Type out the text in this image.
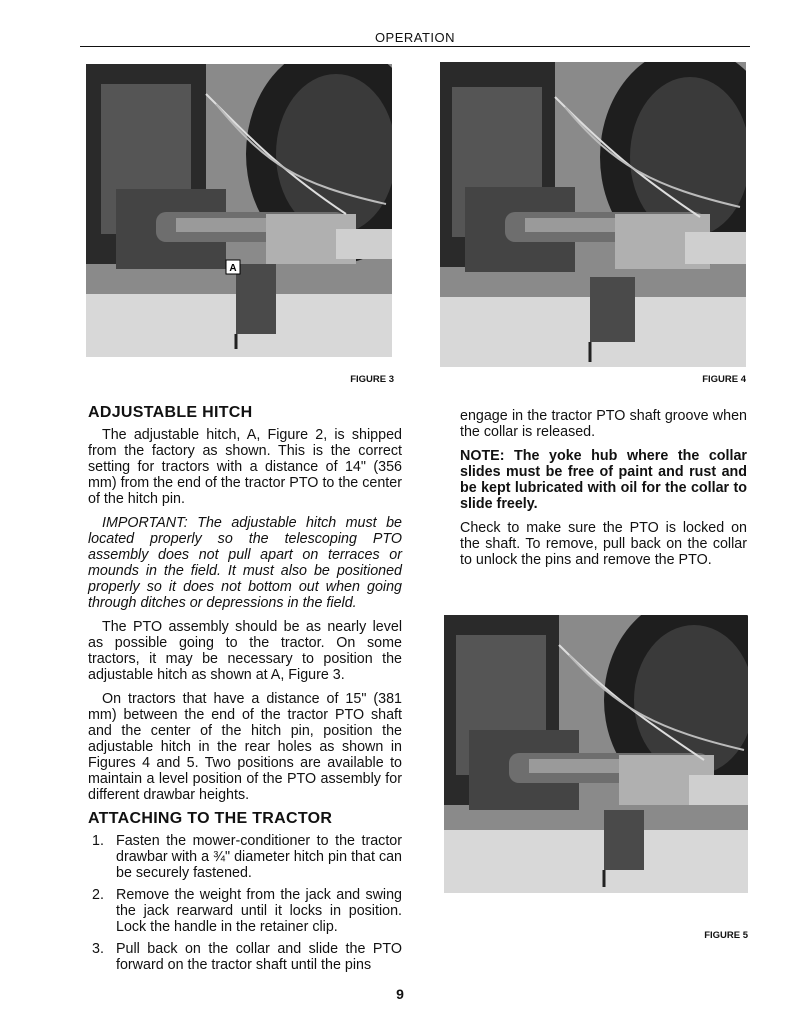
OPERATION
A
FIGURE 3	FIGURE 4
FIGURE 5
ADJUSTABLE HITCH

The adjustable hitch, A, Figure 2, is shipped from the factory as shown. This is the correct setting for tractors with a distance of 14" (356 mm) from the end of the tractor PTO to the center of the hitch pin.

IMPORTANT: The adjustable hitch must be located properly so the telescoping PTO assembly does not pull apart on terraces or mounds in the field. It must also be positioned properly so it does not bottom out when going through ditches or depressions in the field.

The PTO assembly should be as nearly level as possible going to the tractor. On some tractors, it may be necessary to position the adjustable hitch as shown at A, Figure 3.

On tractors that have a distance of 15" (381 mm) between the end of the tractor PTO shaft and the center of the hitch pin, position the adjustable hitch in the rear holes as shown in Figures 4 and 5. Two positions are available to maintain a level position of the PTO assembly for different drawbar heights.

ATTACHING TO THE TRACTOR
1. Fasten the mower-conditioner to the tractor drawbar with a ¾" diameter hitch pin that can be securely fastened.
2. Remove the weight from the jack and swing the jack rearward until it locks in position. Lock the handle in the retainer clip.
3. Pull back on the collar and slide the PTO forward on the tractor shaft until the pins

engage in the tractor PTO shaft groove when the collar is released.

NOTE: The yoke hub where the collar slides must be free of paint and rust and be kept lubricated with oil for the collar to slide freely.

Check to make sure the PTO is locked on the shaft. To remove, pull back on the collar to unlock the pins and remove the PTO.

9
